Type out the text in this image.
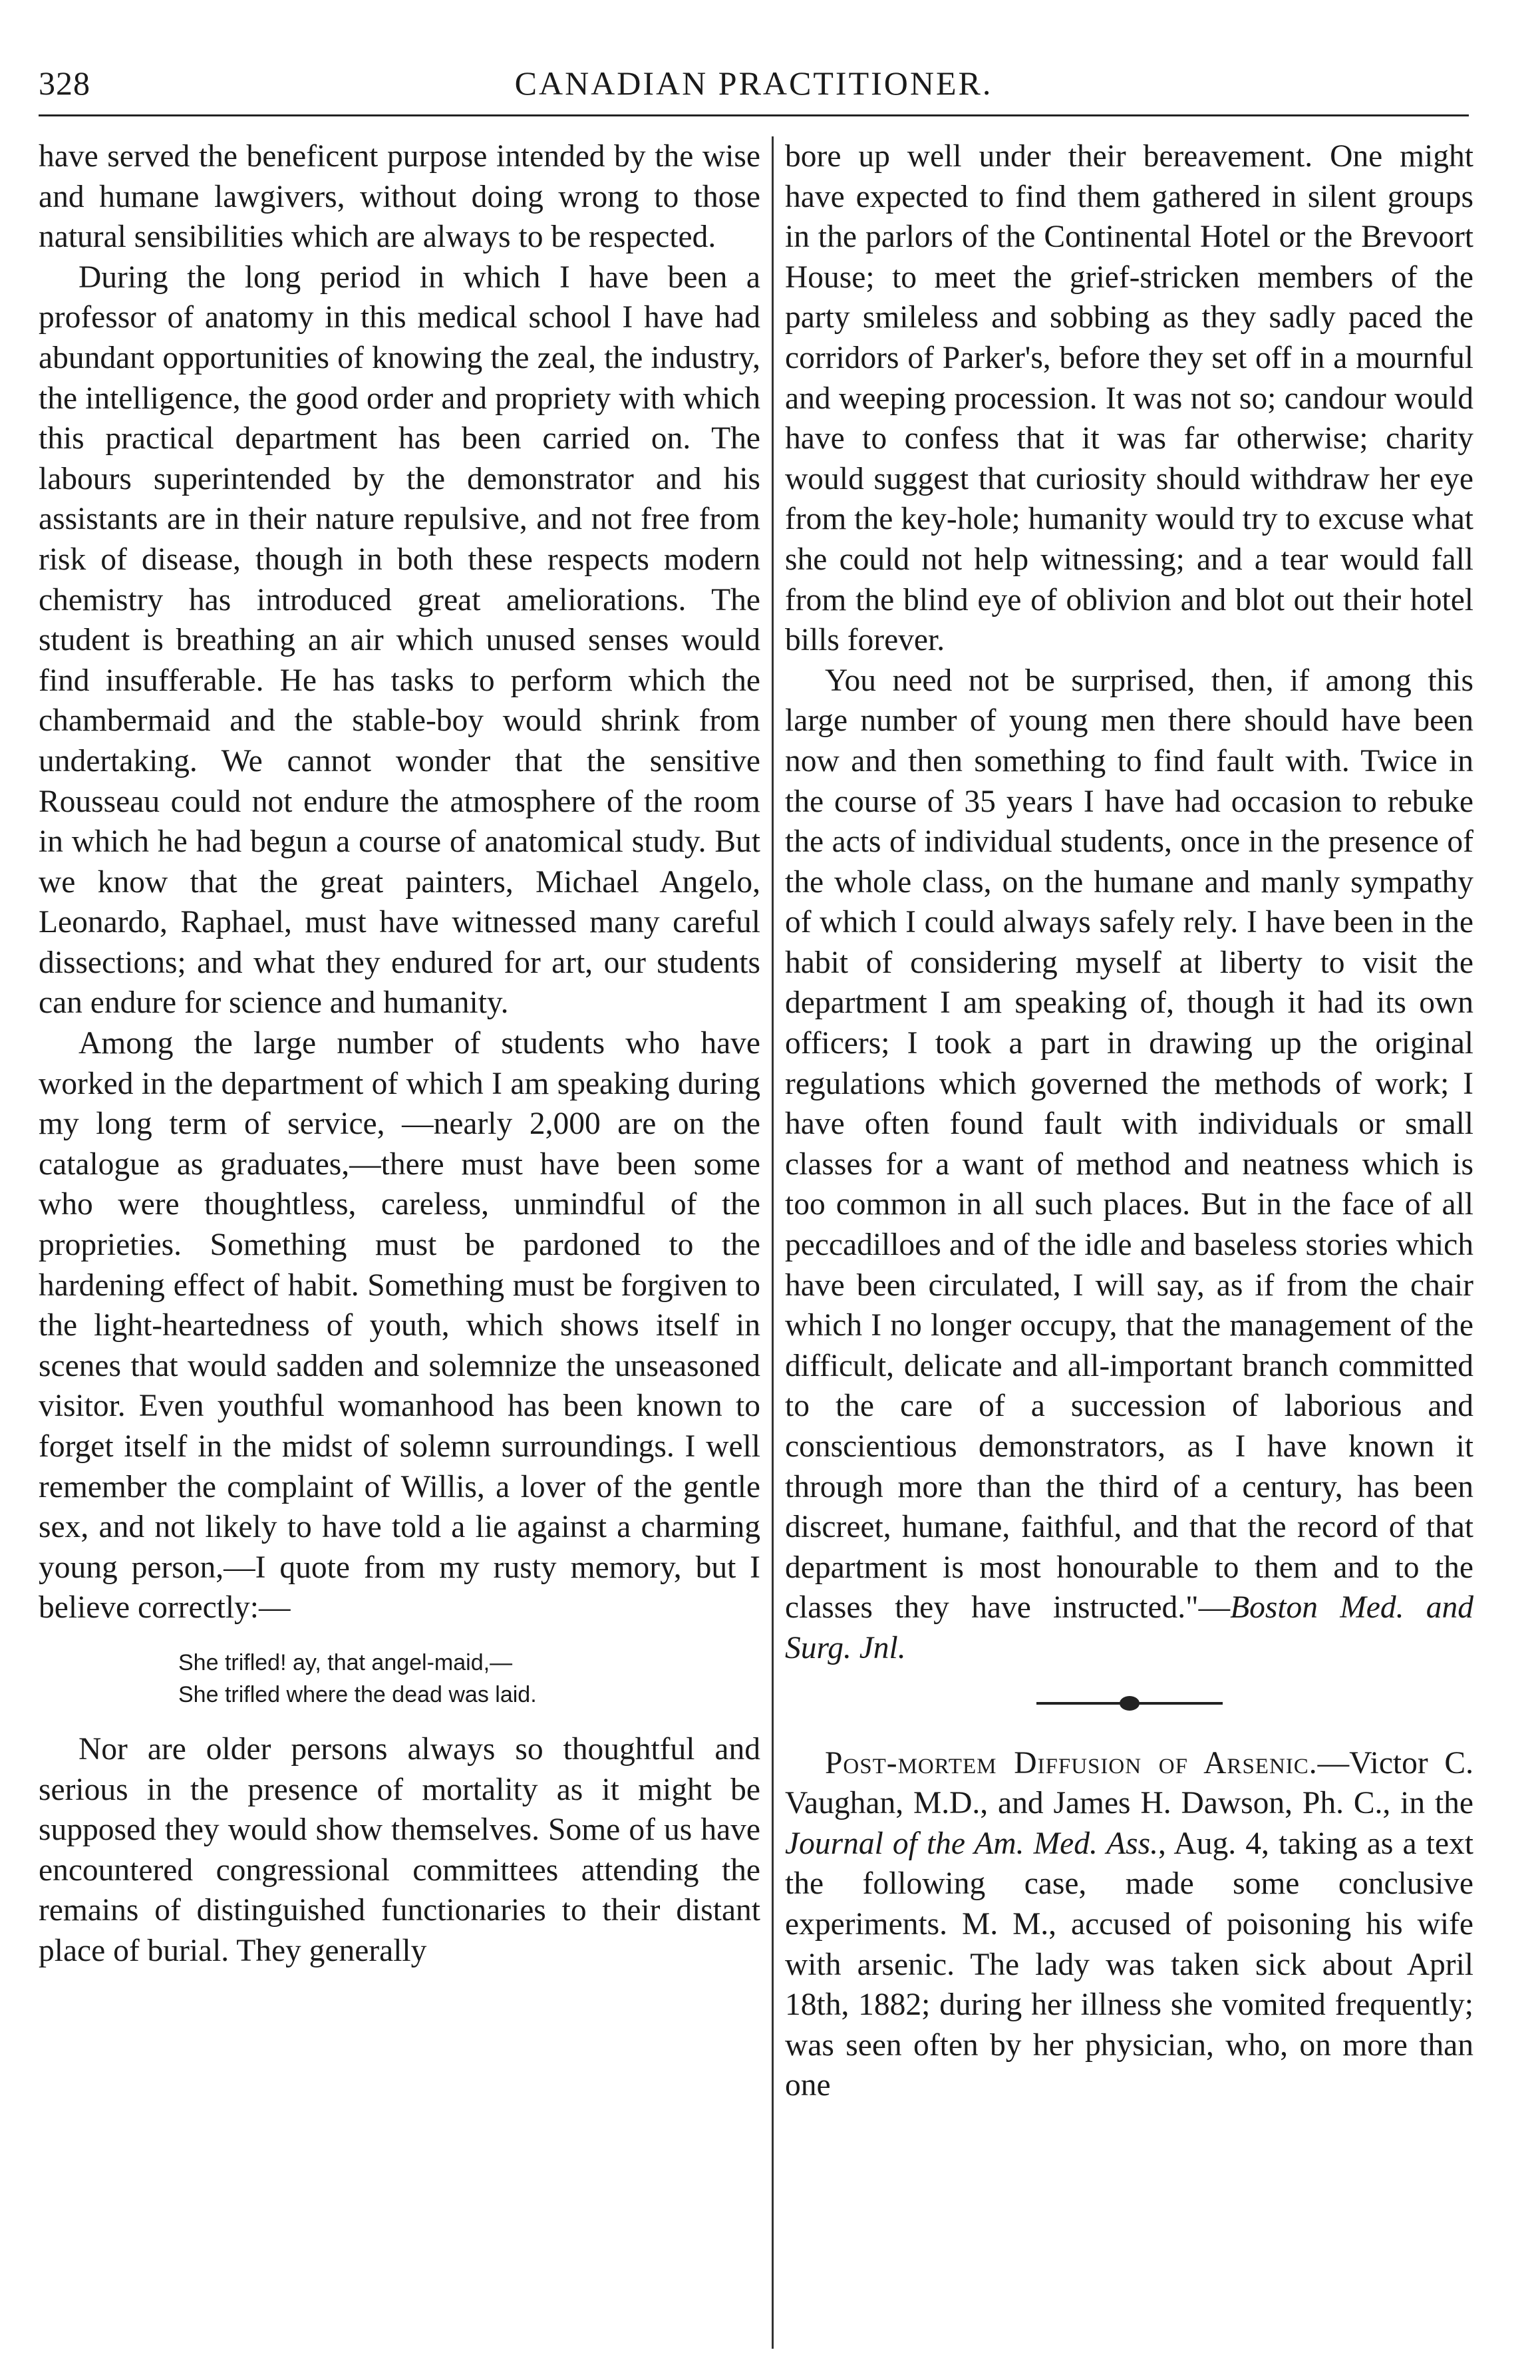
328	CANADIAN PRACTITIONER.

have served the beneficent purpose intended by the wise and humane lawgivers, without doing wrong to those natural sensibilities which are always to be respected.

During the long period in which I have been a professor of anatomy in this medical school I have had abundant opportunities of knowing the zeal, the industry, the intelligence, the good order and propriety with which this practical department has been carried on. The labours superintended by the demonstrator and his assistants are in their nature repulsive, and not free from risk of disease, though in both these respects modern chemistry has introduced great ameliorations. The student is breathing an air which unused senses would find insufferable. He has tasks to perform which the chambermaid and the stable-boy would shrink from undertaking. We cannot wonder that the sensitive Rousseau could not endure the atmosphere of the room in which he had begun a course of anatomical study. But we know that the great painters, Michael Angelo, Leonardo, Raphael, must have witnessed many careful dissections; and what they endured for art, our students can endure for science and humanity.

Among the large number of students who have worked in the department of which I am speaking during my long term of service, —nearly 2,000 are on the catalogue as graduates,—there must have been some who were thoughtless, careless, unmindful of the proprieties. Something must be pardoned to the hardening effect of habit. Something must be forgiven to the light-heartedness of youth, which shows itself in scenes that would sadden and solemnize the unseasoned visitor. Even youthful womanhood has been known to forget itself in the midst of solemn surroundings. I well remember the complaint of Willis, a lover of the gentle sex, and not likely to have told a lie against a charming young person,—I quote from my rusty memory, but I believe correctly:—

She trifled! ay, that angel-maid,—
She trifled where the dead was laid.

Nor are older persons always so thoughtful and serious in the presence of mortality as it might be supposed they would show themselves. Some of us have encountered congressional committees attending the remains of distinguished functionaries to their distant place of burial. They generally

bore up well under their bereavement. One might have expected to find them gathered in silent groups in the parlors of the Continental Hotel or the Brevoort House; to meet the grief-stricken members of the party smileless and sobbing as they sadly paced the corridors of Parker's, before they set off in a mournful and weeping procession. It was not so; candour would have to confess that it was far otherwise; charity would suggest that curiosity should withdraw her eye from the key-hole; humanity would try to excuse what she could not help witnessing; and a tear would fall from the blind eye of oblivion and blot out their hotel bills forever.

You need not be surprised, then, if among this large number of young men there should have been now and then something to find fault with. Twice in the course of 35 years I have had occasion to rebuke the acts of individual students, once in the presence of the whole class, on the humane and manly sympathy of which I could always safely rely. I have been in the habit of considering myself at liberty to visit the department I am speaking of, though it had its own officers; I took a part in drawing up the original regulations which governed the methods of work; I have often found fault with individuals or small classes for a want of method and neatness which is too common in all such places. But in the face of all peccadilloes and of the idle and baseless stories which have been circulated, I will say, as if from the chair which I no longer occupy, that the management of the difficult, delicate and all-important branch committed to the care of a succession of laborious and conscientious demonstrators, as I have known it through more than the third of a century, has been discreet, humane, faithful, and that the record of that department is most honourable to them and to the classes they have instructed."—Boston Med. and Surg. Jnl.

Post-mortem Diffusion of Arsenic.—Victor C. Vaughan, M.D., and James H. Dawson, Ph. C., in the Journal of the Am. Med. Ass., Aug. 4, taking as a text the following case, made some conclusive experiments. M. M., accused of poisoning his wife with arsenic. The lady was taken sick about April 18th, 1882; during her illness she vomited frequently; was seen often by her physician, who, on more than one
